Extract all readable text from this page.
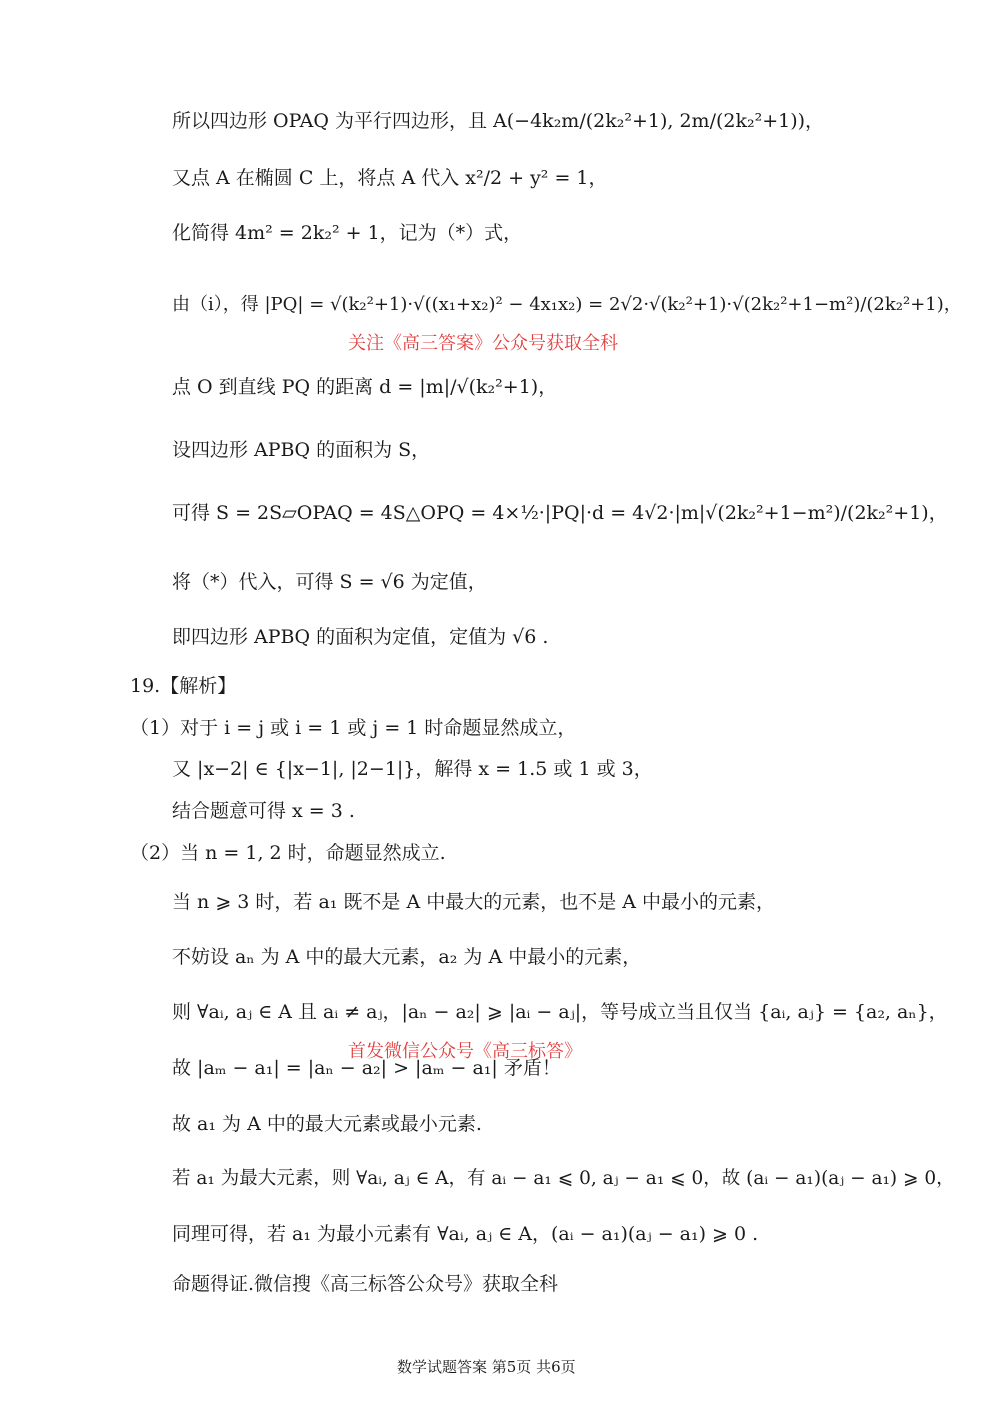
所以四边形 OPAQ 为平行四边形，且 A(−4k₂m/(2k₂²+1), 2m/(2k₂²+1))，
又点 A 在椭圆 C 上，将点 A 代入 x²/2 + y² = 1，
化简得 4m² = 2k₂² + 1，记为（*）式，
由（i），得 |PQ| = √(k₂²+1)·√((x₁+x₂)² − 4x₁x₂) = 2√2·√(k₂²+1)·√(2k₂²+1−m²)/(2k₂²+1)，
关注《高三答案》公众号获取全科
点 O 到直线 PQ 的距离 d = |m|/√(k₂²+1)，
设四边形 APBQ 的面积为 S，
可得 S = 2S▱OPAQ = 4S△OPQ = 4×½·|PQ|·d = 4√2·|m|√(2k₂²+1−m²)/(2k₂²+1)，
将（*）代入，可得 S = √6 为定值，
即四边形 APBQ 的面积为定值，定值为 √6 .
19.【解析】
（1）对于 i = j 或 i = 1 或 j = 1 时命题显然成立，
又 |x−2| ∈ {|x−1|, |2−1|}，解得 x = 1.5 或 1 或 3，
结合题意可得 x = 3 .
（2）当 n = 1, 2 时，命题显然成立.
当 n ⩾ 3 时，若 a₁ 既不是 A 中最大的元素，也不是 A 中最小的元素，
不妨设 aₙ 为 A 中的最大元素，a₂ 为 A 中最小的元素，
则 ∀aᵢ, aⱼ ∈ A 且 aᵢ ≠ aⱼ，|aₙ − a₂| ⩾ |aᵢ − aⱼ|，等号成立当且仅当 {aᵢ, aⱼ} = {a₂, aₙ}，
首发微信公众号《高三标答》
故 |aₘ − a₁| = |aₙ − a₂| > |aₘ − a₁| 矛盾！
故 a₁ 为 A 中的最大元素或最小元素.
若 a₁ 为最大元素，则 ∀aᵢ, aⱼ ∈ A，有 aᵢ − a₁ ⩽ 0, aⱼ − a₁ ⩽ 0，故 (aᵢ − a₁)(aⱼ − a₁) ⩾ 0，
同理可得，若 a₁ 为最小元素有 ∀aᵢ, aⱼ ∈ A，(aᵢ − a₁)(aⱼ − a₁) ⩾ 0 .
命题得证.微信搜《高三标答公众号》获取全科
数学试题答案 第5页 共6页
